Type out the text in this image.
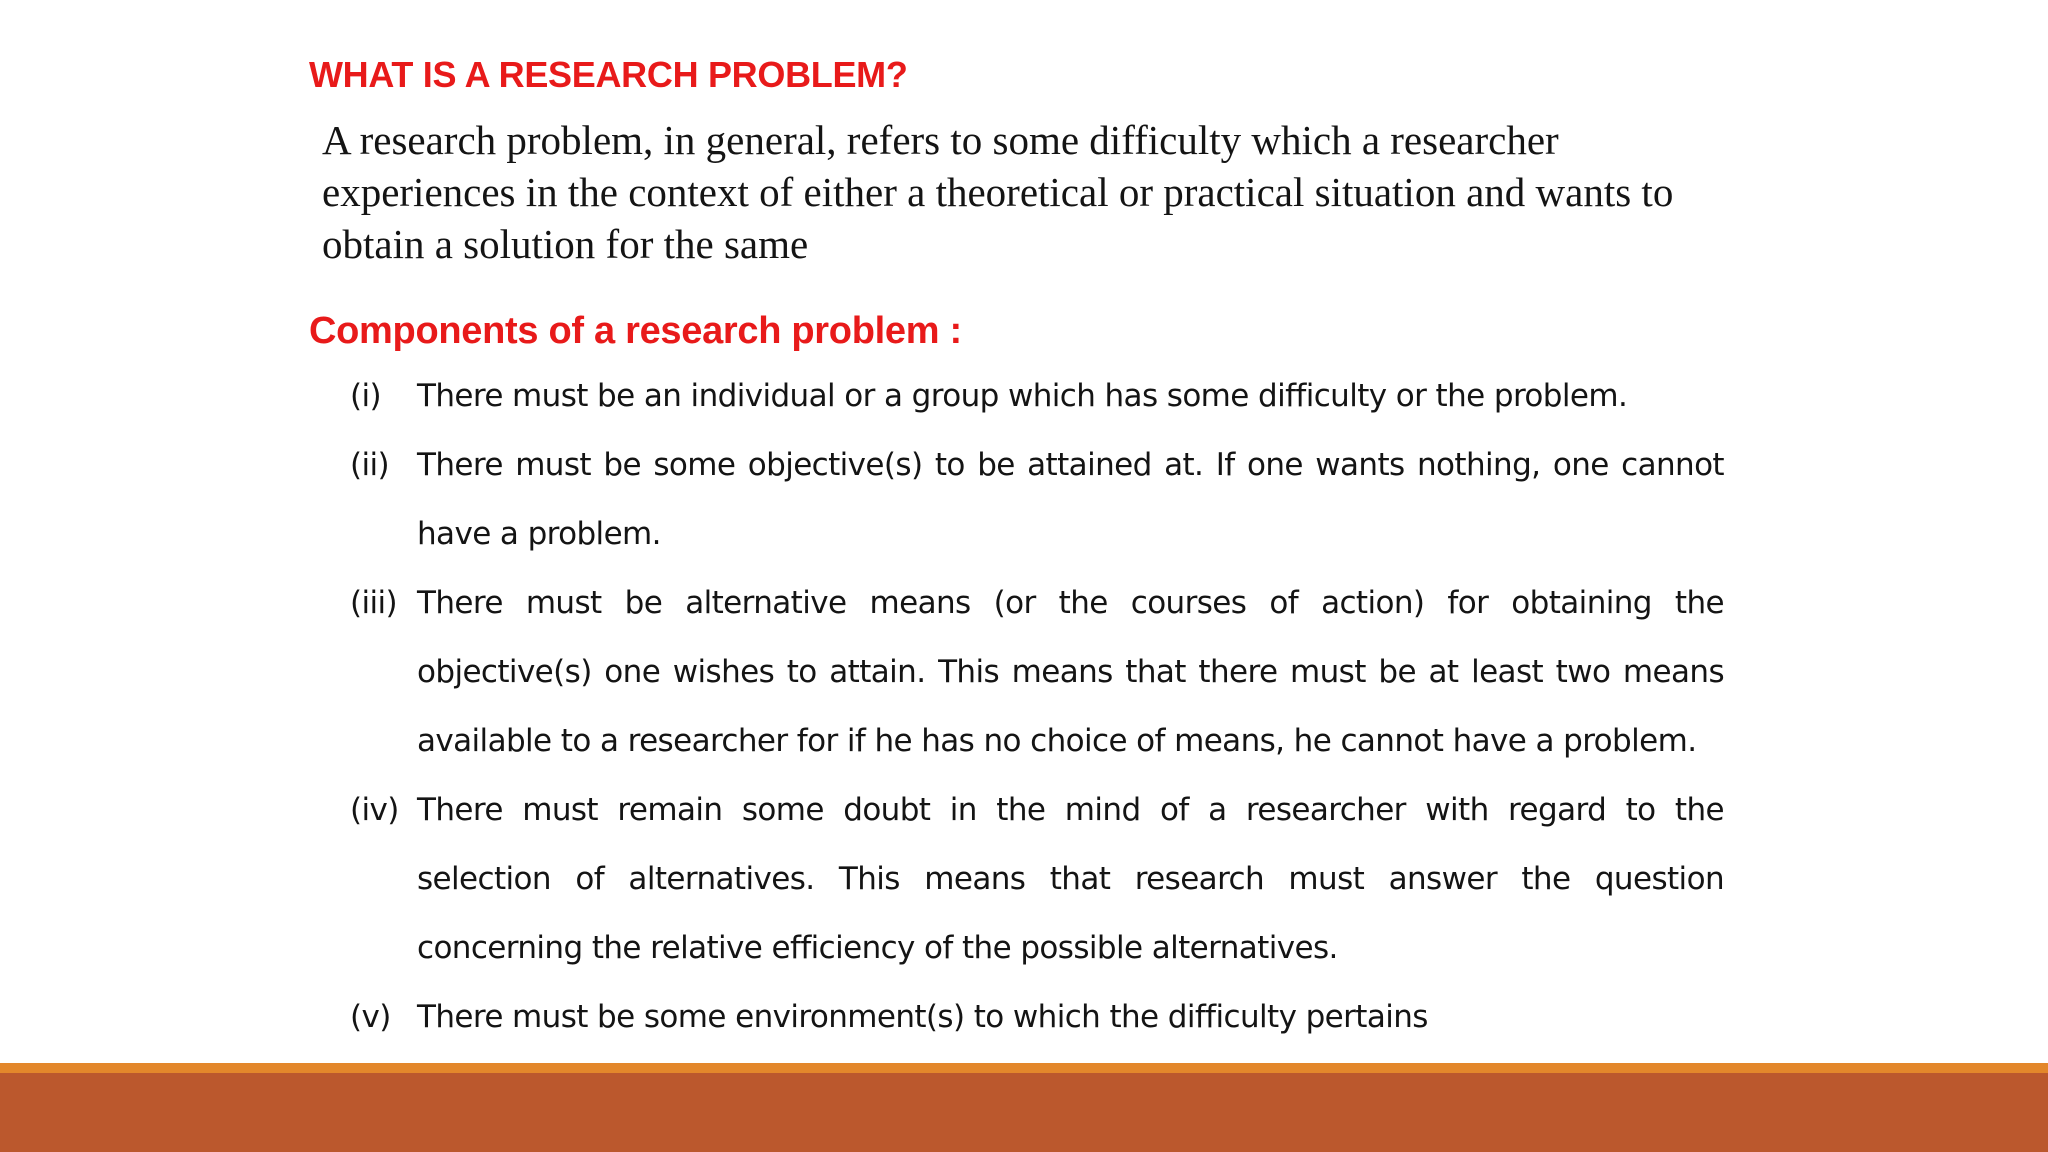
WHAT IS A RESEARCH PROBLEM?

A research problem, in general, refers to some difficulty which a researcher experiences in the context of either a theoretical or practical situation and wants to obtain a solution for the same

Components of a research problem :
(i) There must be an individual or a group which has some difficulty or the problem.
(ii) There must be some objective(s) to be attained at. If one wants nothing, one cannot have a problem.
(iii) There must be alternative means (or the courses of action) for obtaining the objective(s) one wishes to attain. This means that there must be at least two means available to a researcher for if he has no choice of means, he cannot have a problem.
(iv) There must remain some doubt in the mind of a researcher with regard to the selection of alternatives. This means that research must answer the question concerning the relative efficiency of the possible alternatives.
(v) There must be some environment(s) to which the difficulty pertains
